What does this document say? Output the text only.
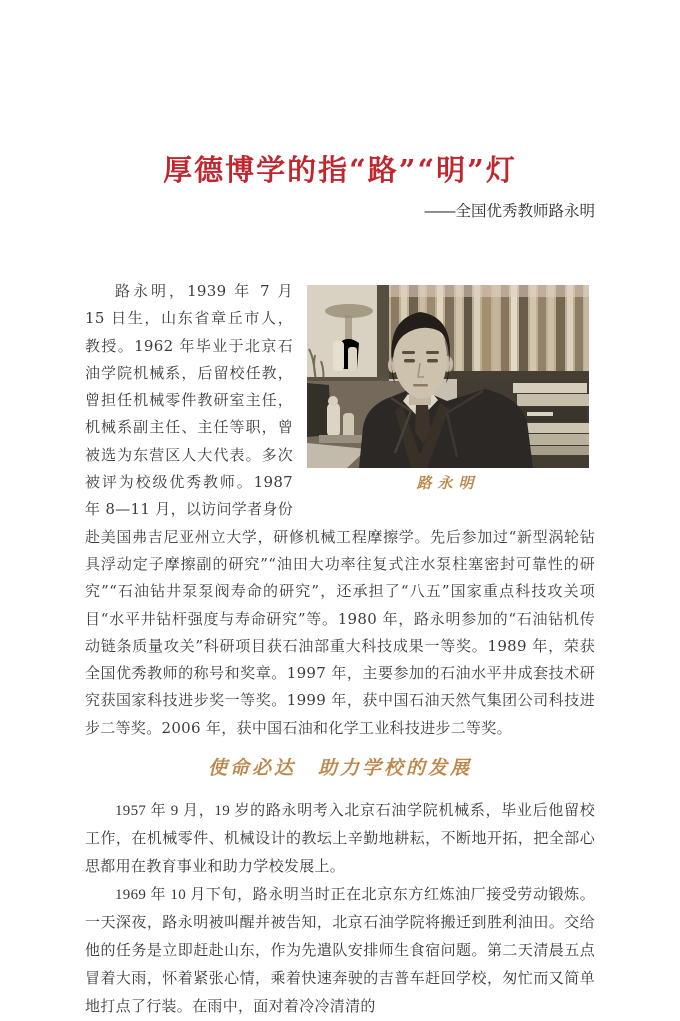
厚德博学的指“路”“明”灯

——全国优秀教师路永明

路永明

路永明，1939 年 7 月 15 日生，山东省章丘市人，教授。1962 年毕业于北京石油学院机械系，后留校任教，曾担任机械零件教研室主任，机械系副主任、主任等职，曾被选为东营区人大代表。多次被评为校级优秀教师。1987 年 8—11 月，以访问学者身份赴美国弗吉尼亚州立大学，研修机械工程摩擦学。先后参加过“新型涡轮钻具浮动定子摩擦副的研究”“油田大功率往复式注水泵柱塞密封可靠性的研究”“石油钻井泵泵阀寿命的研究”，还承担了“八五”国家重点科技攻关项目“水平井钻杆强度与寿命研究”等。1980 年，路永明参加的“石油钻机传动链条质量攻关”科研项目获石油部重大科技成果一等奖。1989 年，荣获全国优秀教师的称号和奖章。1997 年，主要参加的石油水平井成套技术研究获国家科技进步奖一等奖。1999 年，获中国石油天然气集团公司科技进步二等奖。2006 年，获中国石油和化学工业科技进步二等奖。

使命必达　助力学校的发展

1957 年 9 月，19 岁的路永明考入北京石油学院机械系，毕业后他留校工作，在机械零件、机械设计的教坛上辛勤地耕耘，不断地开拓，把全部心思都用在教育事业和助力学校发展上。

1969 年 10 月下旬，路永明当时正在北京东方红炼油厂接受劳动锻炼。一天深夜，路永明被叫醒并被告知，北京石油学院将搬迁到胜利油田。交给他的任务是立即赶赴山东，作为先遣队安排师生食宿问题。第二天清晨五点冒着大雨，怀着紧张心情，乘着快速奔驶的吉普车赶回学校，匆忙而又简单地打点了行装。在雨中，面对着冷冷清清的
